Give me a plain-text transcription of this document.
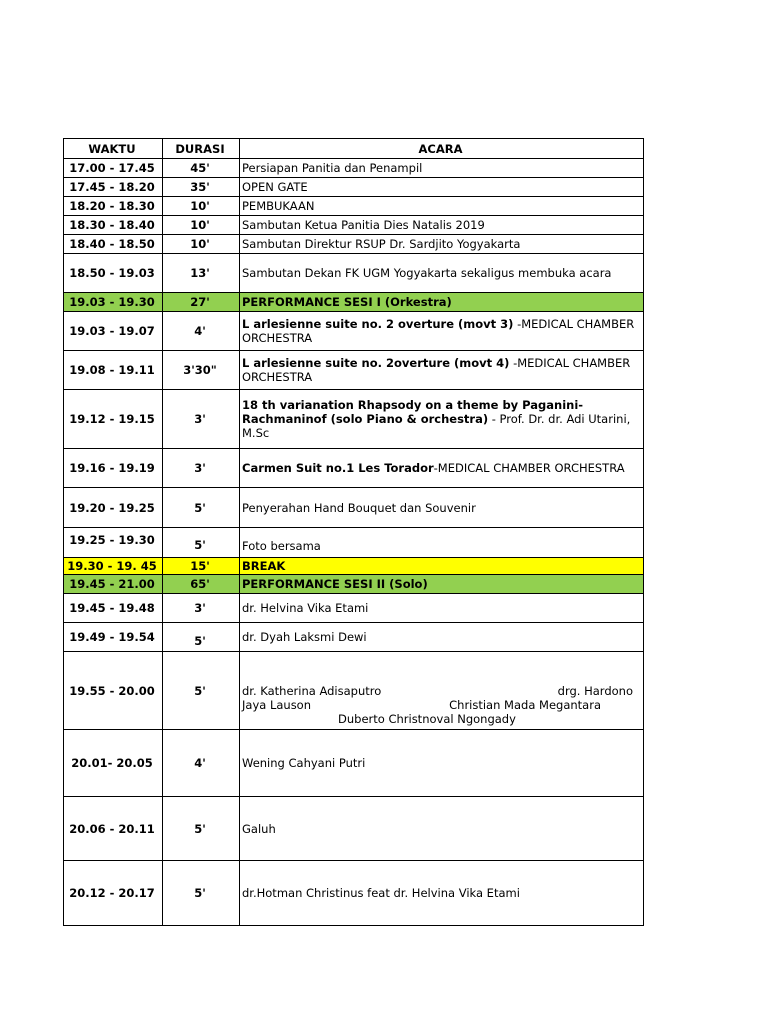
WAKTU	DURASI	ACARA
17.00 - 17.45	45'	Persiapan Panitia dan Penampil
17.45 - 18.20	35'	OPEN GATE
18.20 - 18.30	10'	PEMBUKAAN
18.30 - 18.40	10'	Sambutan Ketua Panitia Dies Natalis 2019
18.40 - 18.50	10'	Sambutan Direktur RSUP Dr. Sardjito Yogyakarta
18.50 - 19.03	13'	Sambutan Dekan FK UGM Yogyakarta sekaligus membuka acara
19.03 - 19.30	27'	PERFORMANCE SESI I (Orkestra)
19.03 - 19.07	4'	L arlesienne suite no. 2 overture (movt 3) -MEDICAL CHAMBER ORCHESTRA
19.08 - 19.11	3'30"	L arlesienne suite no. 2overture (movt 4) -MEDICAL CHAMBER ORCHESTRA
19.12 - 19.15	3'	18 th varianation Rhapsody on a theme by Paganini-Rachmaninof (solo Piano & orchestra) - Prof. Dr. dr. Adi Utarini, M.Sc
19.16 - 19.19	3'	Carmen Suit no.1 Les Torador-MEDICAL CHAMBER ORCHESTRA
19.20 - 19.25	5'	Penyerahan Hand Bouquet dan Souvenir
19.25 - 19.30	5'	Foto bersama
19.30 - 19. 45	15'	BREAK
19.45 - 21.00	65'	PERFORMANCE SESI II (Solo)
19.45 - 19.48	3'	dr. Helvina Vika Etami
19.49 - 19.54	5'	dr. Dyah Laksmi Dewi
19.55 - 20.00	5'	dr. Katherina Adisaputro drg. Hardono
Jaya Lauson Christian Mada Megantara
Duberto Christnoval Ngongady

20.01- 20.05	4'	Wening Cahyani Putri
20.06 - 20.11	5'	Galuh
20.12 - 20.17	5'	dr.Hotman Christinus feat dr. Helvina Vika Etami
